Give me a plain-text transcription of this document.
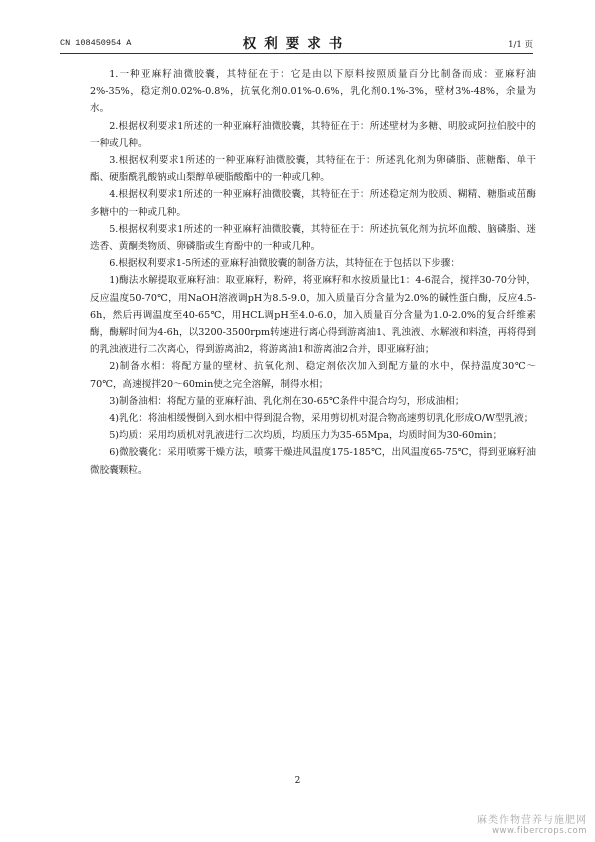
CN 108450954 A	权利要求书	1/1 页

1.一种亚麻籽油微胶囊，其特征在于：它是由以下原料按照质量百分比制备而成：亚麻籽油2%-35%，稳定剂0.02%-0.8%，抗氧化剂0.01%-0.6%，乳化剂0.1%-3%，壁材3%-48%，余量为水。

2.根据权利要求1所述的一种亚麻籽油微胶囊，其特征在于：所述壁材为多糖、明胶或阿拉伯胶中的一种或几种。

3.根据权利要求1所述的一种亚麻籽油微胶囊，其特征在于：所述乳化剂为卵磷脂、蔗糖酯、单干酯、硬脂酰乳酸钠或山梨醇单硬脂酸酯中的一种或几种。

4.根据权利要求1所述的一种亚麻籽油微胶囊，其特征在于：所述稳定剂为胶质、糊精、糖脂或茁酶多糖中的一种或几种。

5.根据权利要求1所述的一种亚麻籽油微胶囊，其特征在于：所述抗氧化剂为抗坏血酸、脑磷脂、迷迭香、黄酮类物质、卵磷脂或生育酚中的一种或几种。

6.根据权利要求1-5所述的亚麻籽油微胶囊的制备方法，其特征在于包括以下步骤：

1)酶法水解提取亚麻籽油：取亚麻籽，粉碎，将亚麻籽和水按质量比1：4-6混合，搅拌30-70分钟，反应温度50-70℃，用NaOH溶液调pH为8.5-9.0，加入质量百分含量为2.0%的碱性蛋白酶，反应4.5-6h，然后再调温度至40-65℃，用HCL调pH至4.0-6.0，加入质量百分含量为1.0-2.0%的复合纤维素酶，酶解时间为4-6h，以3200-3500rpm转速进行离心得到游离油1、乳浊液、水解液和料渣，再将得到的乳浊液进行二次离心，得到游离油2，将游离油1和游离油2合并，即亚麻籽油；

2)制备水相：将配方量的壁材、抗氧化剂、稳定剂依次加入到配方量的水中，保持温度30℃～70℃，高速搅拌20～60min使之完全溶解，制得水相；

3)制备油相：将配方量的亚麻籽油、乳化剂在30-65℃条件中混合均匀，形成油相；

4)乳化：将油相缓慢倒入到水相中得到混合物，采用剪切机对混合物高速剪切乳化形成O/W型乳液；

5)均质：采用均质机对乳液进行二次均质，均质压力为35-65Mpa，均质时间为30-60min；

6)微胶囊化：采用喷雾干燥方法，喷雾干燥进风温度175-185℃，出风温度65-75℃，得到亚麻籽油微胶囊颗粒。

2
麻类作物营养与施肥网
www.fibercrops.com
